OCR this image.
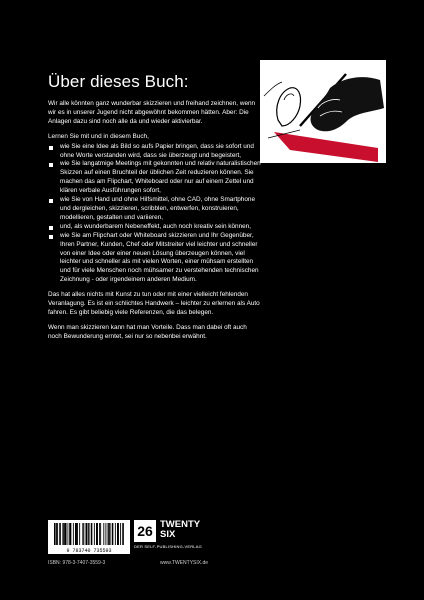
Über dieses Buch:

Wir alle könnten ganz wunderbar skizzieren und freihand zeichnen, wenn wir es in unserer Jugend nicht abgewöhnt bekommen hätten. Aber: Die Anlagen dazu sind noch alle da und wieder aktivierbar.

Lernen Sie mit und in diesem Buch,

wie Sie eine Idee als Bild so aufs Papier bringen, dass sie sofort und ohne Worte verstanden wird, dass sie überzeugt und begeistert,
wie Sie langatmige Meetings mit gekonnten und relativ naturalistischen Skizzen auf einen Bruchteil der üblichen Zeit reduzieren können. Sie machen das am Flipchart, Whiteboard oder nur auf einem Zettel und klären verbale Ausführungen sofort,
wie Sie von Hand und ohne Hilfsmittel, ohne CAD, ohne Smartphone und dergleichen, skizzieren, scribblen, entwerfen, konstruieren, modellieren, gestalten und variieren,
und, als wunderbarem Nebeneffekt, auch noch kreativ sein können,
wie Sie am Flipchart oder Whiteboard skizzieren und Ihr Gegenüber, Ihren Partner, Kunden, Chef oder Mitstreiter viel leichter und schneller von einer Idee oder einer neuen Lösung überzeugen können, viel leichter und schneller als mit vielen Worten, einer mühsam erstellten und für viele Menschen noch mühsamer zu verstehenden technischen Zeichnung - oder irgendeinem anderen Medium.

Das hat alles nichts mit Kunst zu tun oder mit einer vielleicht fehlenden Veranlagung. Es ist ein schlichtes Handwerk – leichter zu erlernen als Auto fahren. Es gibt beliebig viele Referenzen, die das belegen.

Wenn man skizzieren kann hat man Vorteile. Dass man dabei oft auch noch Bewunderung erntet, sei nur so nebenbei erwähnt.

9 783740 735593
26 TWENTY
SIX
DER SELF-PUBLISHING-VERLAG
ISBN: 978-3-7407-3559-3	www.TWENTYSIX.de
